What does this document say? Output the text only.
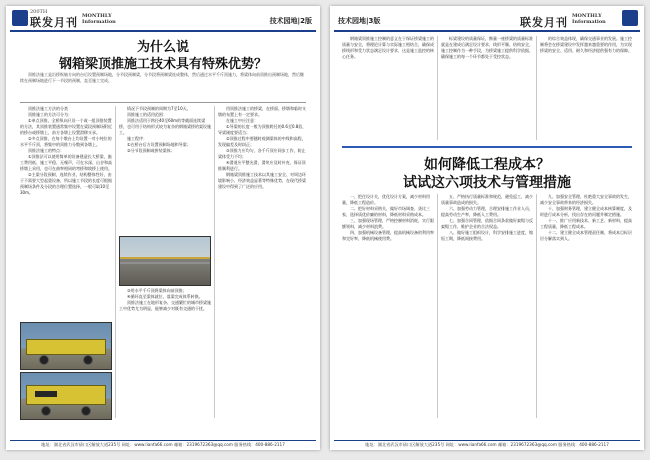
200TH
联发月刊 MONTHLY
Information	技术园地|2版
为什么说
钢箱梁顶推施工技术具有特殊优势？
顶推法施工是沿桥纵轴方向的台后设置预制场地，分节段预制梁，分节段将预制梁连成整体，然后通过水平千斤顶施力，将梁体向前顶推出预制场地，然后继续在预制场地进行下一节段的预制，直至施工完成。

顶推法施工方法的分类

顶推施工的方法可分为：

①单点顶推，全桥纵向只设一个或一组顶推装置的方法，其顶推装置通常集中设置在梁段预制场附近的桥台或桥墩上，前方各墩上设置滑移支承。

②多点顶推，在每个墩台上均设置一对小吨位的水平千斤顶，将集中的顶推力分散到各墩上。

顶推法施工的特点：

①顶推法可以使用简单的设备建造长大桥梁，施工费用低，施工平稳、无噪声，可在水深、山谷和高桥墩上采用，也可在曲率相同的弯桥和坡桥上使用。

②主梁分段预制，连续作业，结构整体性好，由于不需要大型起重设备，所以施工节段的长度可根据预制场条件及分段的合理位置选择，一般可取10至30m。

情况下节段预制的周期为7至10天。

顶推施工的适用范围：

顶推法适用于跨径40至60m的等截面连续梁桥，也可用于结构形式较为复杂的钢箱梁桥的架设施工。

施工程序：

①在桥台后方设置预制场地和导梁；

②分节段预制或拼装梁体；

③用水平千斤顶将梁体向前顶推；

④循环直至梁体就位，落梁完成体系转换。

顶推法施工在地形复杂、交通繁忙的城市桥梁施工中优势尤为明显，能够减少对既有交通的干扰。

用顶推法施工的桥梁，在桥面、桥墩和临时支墩的布置上有一定要求。

在施工中应注意：

①导梁的长度一般为顶推跨径的0.6至0.8倍，导梁刚度要适当；

②顶推过程中要随时观测梁体的中线和高程，发现偏差及时纠正；

③顶推力应均匀，各千斤顶应同步工作，防止梁体受力不均；

④滑道应平整光滑，滑块应及时补充，保证顶推顺利进行。

钢箱梁顶推施工技术以其施工安全、对周边环境影响小、经济效益显著等特殊优势，在现代桥梁建设中得到了广泛的应用。

地址：湖北省武汉市硚口区解放大道235号 网址：www.lianfa66.com 邮箱：2319672363@qq.com 服务热线：400-886-2117
技术园地|3版	联发月刊 MONTHLY
Information

钢箱梁顶推施工控制的意义在于保证桥梁施工的质量与安全，将理论计算与实际施工相结合，确保成桥线形和受力状态满足设计要求，这是施工监控的核心任务。

标梁建设的质量保证，衡量一座桥梁的质量标准就是在建成后满足设计要求，线形平顺、结构安全，施工控制作为一种手段，为桥梁施工提供科学依据，确保施工的每一个环节都处于受控状态。

的综合效益体现，确保交通事业的发展。施工控制将会在桥梁建设中发挥越来越重要的作用，为实现桥梁的安全、适用、耐久和经济提供强有力的保障。

如何降低工程成本？
试试这六项技术与管理措施

一、把住设计关，优化设计方案，减少材料用量，降低工程造价。

二、把好材料采购关，做好市场调查，货比三家，选择质优价廉的材料，降低材料采购成本。

三、加强现场管理，严格控制材料消耗，实行限额领料，减少材料浪费。

四、加强机械设备管理，提高机械设备的利用率和完好率，降低机械使用费。

五、严格执行质量标准和规范，避免返工，减少质量事故造成的损失。

六、加强劳动力管理，合理安排施工作业人员，提高劳动生产率，降低人工费用。

七、加强合同管理，依据合同条款做好索赔与反索赔工作，维护企业的合法权益。

八、做好施工组织设计，科学安排施工进度，缩短工期，降低间接费用。

九、加强安全管理，杜绝重大安全事故的发生，减少安全事故带来的经济损失。

十、加强财务管理，建立健全成本核算制度，及时进行成本分析，找出存在的问题并制定措施。

十一、推广应用新技术、新工艺、新材料，提高工程质量，降低工程成本。

十二、建立健全成本管理责任制，将成本目标层层分解落实到人。

地址：湖北省武汉市硚口区解放大道235号 网址：www.lianfa66.com 邮箱：2319672363@qq.com 服务热线：400-886-2117
